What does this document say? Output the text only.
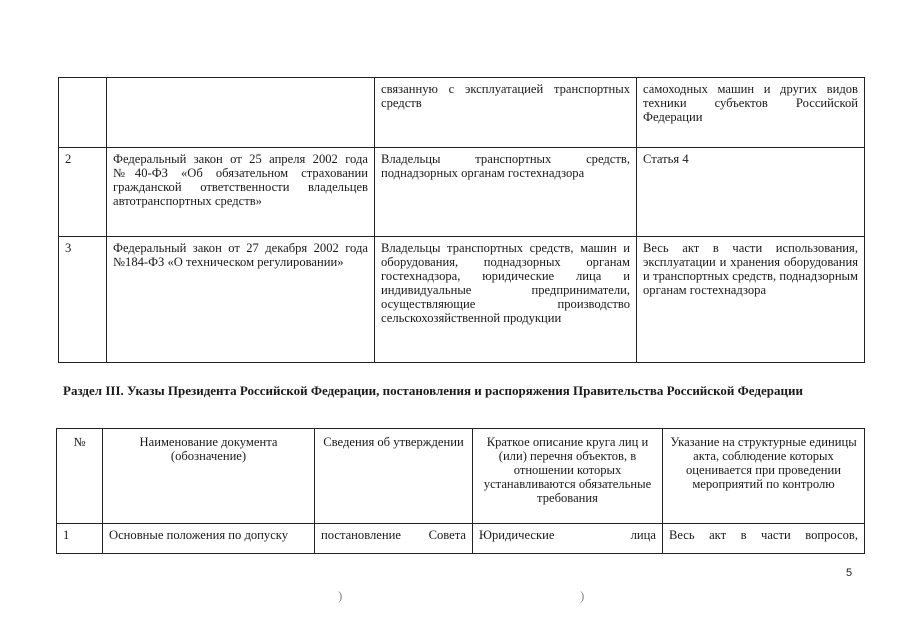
		связанную с эксплуатацией транспортных средств	самоходных машин и других видов техники субъектов Российской Федерации
2	Федеральный закон от 25 апреля 2002 года №40-ФЗ «Об обязательном страховании гражданской ответственности владельцев автотранспортных средств»	Владельцы транспортных средств, поднадзорных органам гостехнадзора	Статья 4
3	Федеральный закон от 27 декабря 2002 года №184-ФЗ «О техническом регулировании»	Владельцы транспортных средств, машин и оборудования, поднадзорных органам гостехнадзора, юридические лица и индивидуальные предприниматели, осуществляющие производство сельскохозяйственной продукции	Весь акт в части использования, эксплуатации и хранения оборудования и транспортных средств, поднадзорным органам гостехнадзора
Раздел III. Указы Президента Российской Федерации, постановления и распоряжения Правительства Российской Федерации
№	Наименование документа (обозначение)	Сведения об утверждении	Краткое описание круга лиц и (или) перечня объектов, в отношении которых устанавливаются обязательные требования	Указание на структурные единицы акта, соблюдение которых оценивается при проведении мероприятий по контролю
1	Основные положения по допуску	постановление Совета	Юридические лица	Весь акт в части вопросов,
5
)	)
